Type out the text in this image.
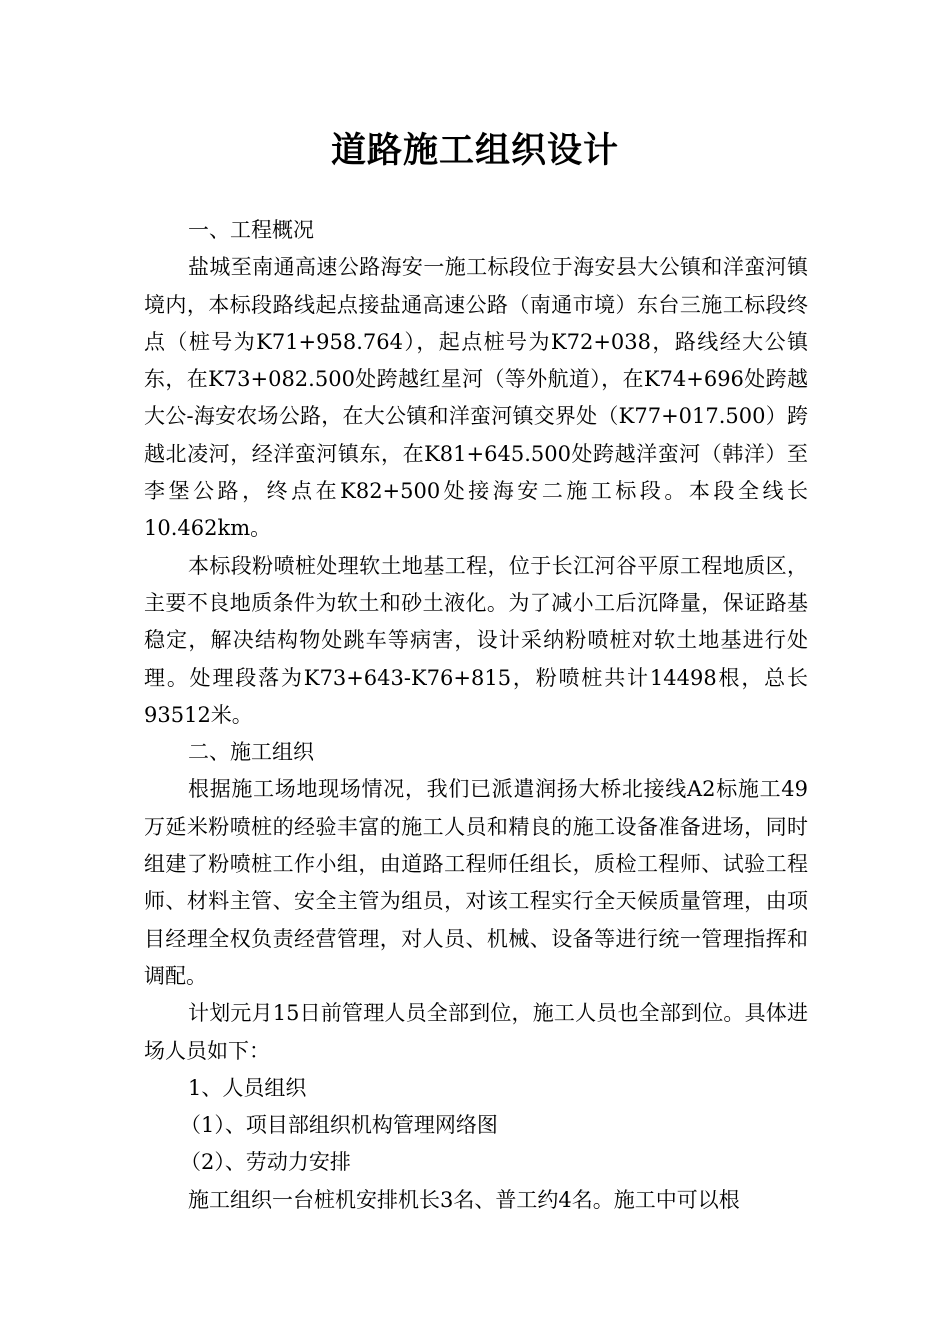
道路施工组织设计

一、工程概况

盐城至南通高速公路海安一施工标段位于海安县大公镇和洋蛮河镇境内，本标段路线起点接盐通高速公路（南通市境）东台三施工标段终点（桩号为K71+958.764），起点桩号为K72+038，路线经大公镇东，在K73+082.500处跨越红星河（等外航道），在K74+696处跨越大公-海安农场公路，在大公镇和洋蛮河镇交界处（K77+017.500）跨越北凌河，经洋蛮河镇东，在K81+645.500处跨越洋蛮河（韩洋）至李堡公路，终点在K82+500处接海安二施工标段。本段全线长10.462km。

本标段粉喷桩处理软土地基工程，位于长江河谷平原工程地质区，主要不良地质条件为软土和砂土液化。为了减小工后沉降量，保证路基稳定，解决结构物处跳车等病害，设计采纳粉喷桩对软土地基进行处理。处理段落为K73+643-K76+815，粉喷桩共计14498根，总长93512米。

二、施工组织

根据施工场地现场情况，我们已派遣润扬大桥北接线A2标施工49万延米粉喷桩的经验丰富的施工人员和精良的施工设备准备进场，同时组建了粉喷桩工作小组，由道路工程师任组长，质检工程师、试验工程师、材料主管、安全主管为组员，对该工程实行全天候质量管理，由项目经理全权负责经营管理，对人员、机械、设备等进行统一管理指挥和调配。

计划元月15日前管理人员全部到位，施工人员也全部到位。具体进场人员如下：

1、人员组织

（1）、项目部组织机构管理网络图

（2）、劳动力安排

施工组织一台桩机安排机长3名、普工约4名。施工中可以根
